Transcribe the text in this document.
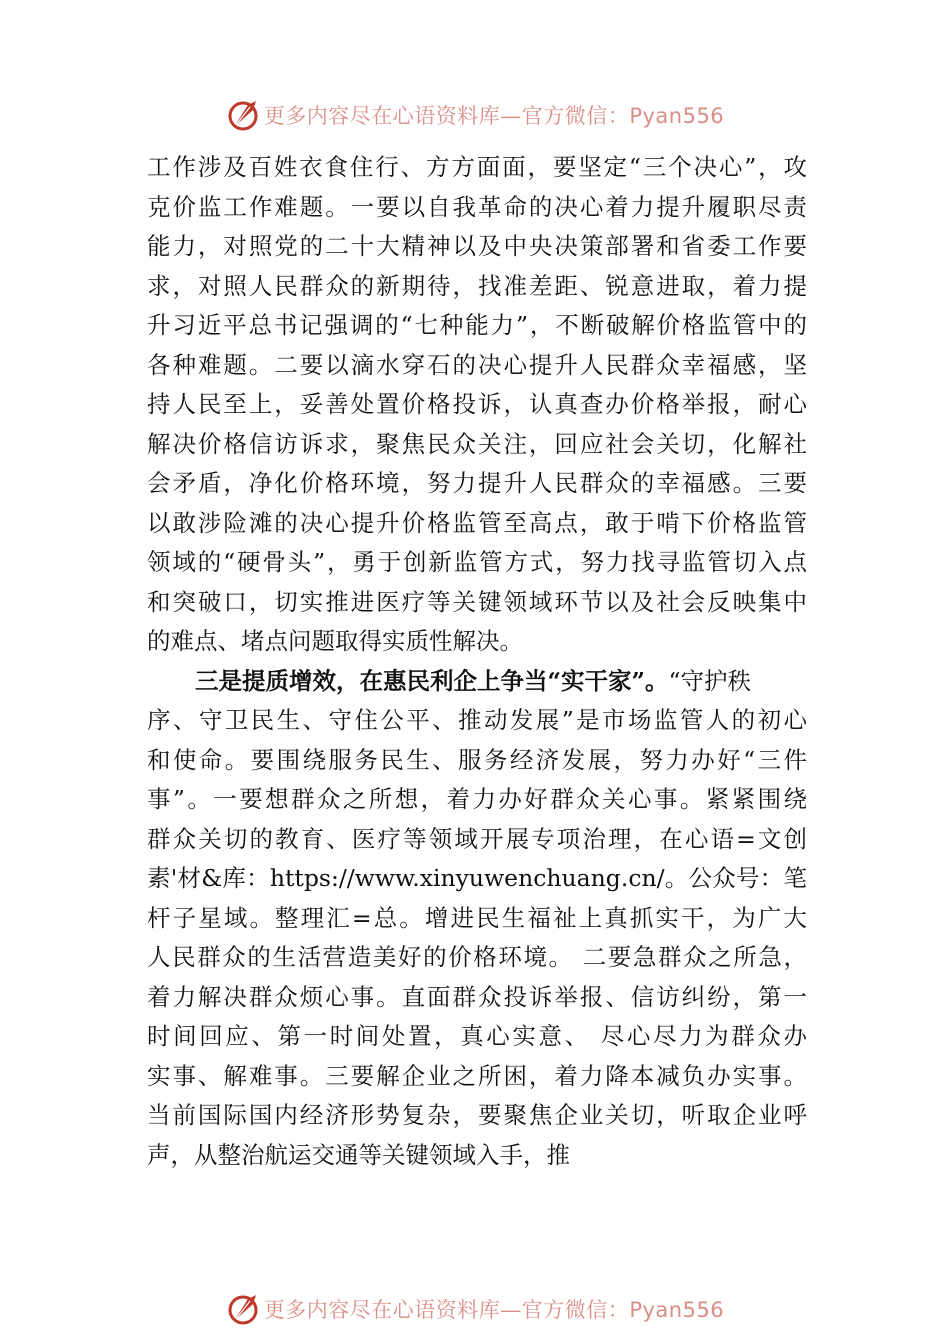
更多内容尽在心语资料库—官方微信：Pyan556
工作涉及百姓衣食住行、方方面面，要坚定“三个决心”，攻
克价监工作难题。一要以自我革命的决心着力提升履职尽责
能力，对照党的二十大精神以及中央决策部署和省委工作要
求，对照人民群众的新期待，找准差距、锐意进取，着力提
升习近平总书记强调的“七种能力”，不断破解价格监管中的
各种难题。二要以滴水穿石的决心提升人民群众幸福感，坚
持人民至上，妥善处置价格投诉，认真查办价格举报，耐心
解决价格信访诉求，聚焦民众关注，回应社会关切，化解社
会矛盾，净化价格环境，努力提升人民群众的幸福感。三要
以敢涉险滩的决心提升价格监管至高点，敢于啃下价格监管
领域的“硬骨头”，勇于创新监管方式，努力找寻监管切入点
和突破口，切实推进医疗等关键领域环节以及社会反映集中
的难点、堵点问题取得实质性解决。
三是提质增效，在惠民利企上争当“实干家”。“守护秩
序、守卫民生、守住公平、推动发展”是市场监管人的初心
和使命。要围绕服务民生、服务经济发展，努力办好“三件
事”。一要想群众之所想，着力办好群众关心事。紧紧围绕
群众关切的教育、医疗等领域开展专项治理，在心语=文创
素'材&库：https://www.xinyuwenchuang.cn/。公众号：笔
杆子星域。整理汇=总。增进民生福祉上真抓实干，为广大
人民群众的生活营造美好的价格环境。 二要急群众之所急，
着力解决群众烦心事。直面群众投诉举报、信访纠纷，第一
时间回应、第一时间处置，真心实意、 尽心尽力为群众办
实事、解难事。三要解企业之所困，着力降本减负办实事。
当前国际国内经济形势复杂，要聚焦企业关切，听取企业呼
声，从整治航运交通等关键领域入手，推
更多内容尽在心语资料库—官方微信：Pyan556
